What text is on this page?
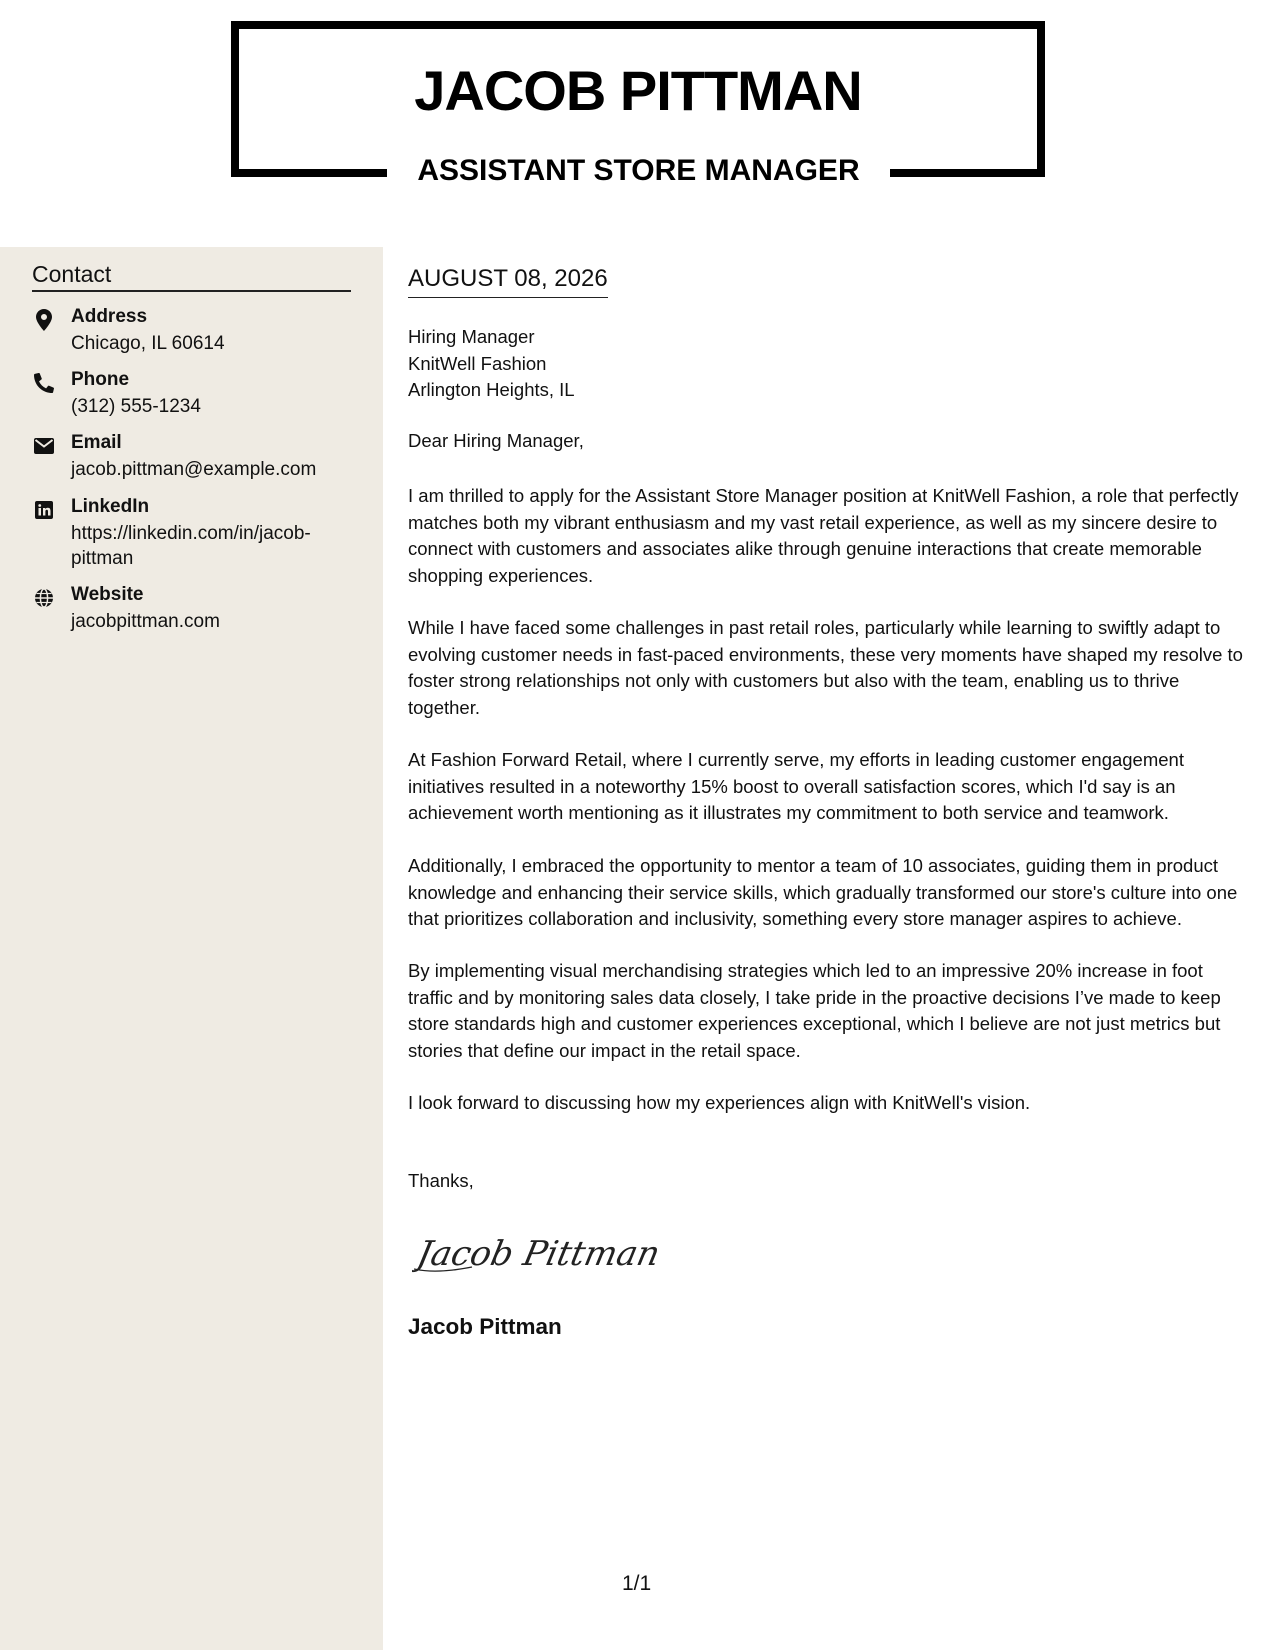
JACOB PITTMAN
ASSISTANT STORE MANAGER
Contact
Address
Chicago, IL 60614
Phone
(312) 555-1234
Email
jacob.pittman@example.com
LinkedIn
https://linkedin.com/in/jacob-pittman
Website
jacobpittman.com
AUGUST 08, 2026
Hiring Manager
KnitWell Fashion
Arlington Heights, IL
Dear Hiring Manager,
I am thrilled to apply for the Assistant Store Manager position at KnitWell Fashion, a role that perfectly matches both my vibrant enthusiasm and my vast retail experience, as well as my sincere desire to connect with customers and associates alike through genuine interactions that create memorable shopping experiences.
While I have faced some challenges in past retail roles, particularly while learning to swiftly adapt to evolving customer needs in fast-paced environments, these very moments have shaped my resolve to foster strong relationships not only with customers but also with the team, enabling us to thrive together.
At Fashion Forward Retail, where I currently serve, my efforts in leading customer engagement initiatives resulted in a noteworthy 15% boost to overall satisfaction scores, which I'd say is an achievement worth mentioning as it illustrates my commitment to both service and teamwork.
Additionally, I embraced the opportunity to mentor a team of 10 associates, guiding them in product knowledge and enhancing their service skills, which gradually transformed our store's culture into one that prioritizes collaboration and inclusivity, something every store manager aspires to achieve.
By implementing visual merchandising strategies which led to an impressive 20% increase in foot traffic and by monitoring sales data closely, I take pride in the proactive decisions I’ve made to keep store standards high and customer experiences exceptional, which I believe are not just metrics but stories that define our impact in the retail space.
I look forward to discussing how my experiences align with KnitWell's vision.
Thanks,
Jacob Pittman
Jacob Pittman
1/1
